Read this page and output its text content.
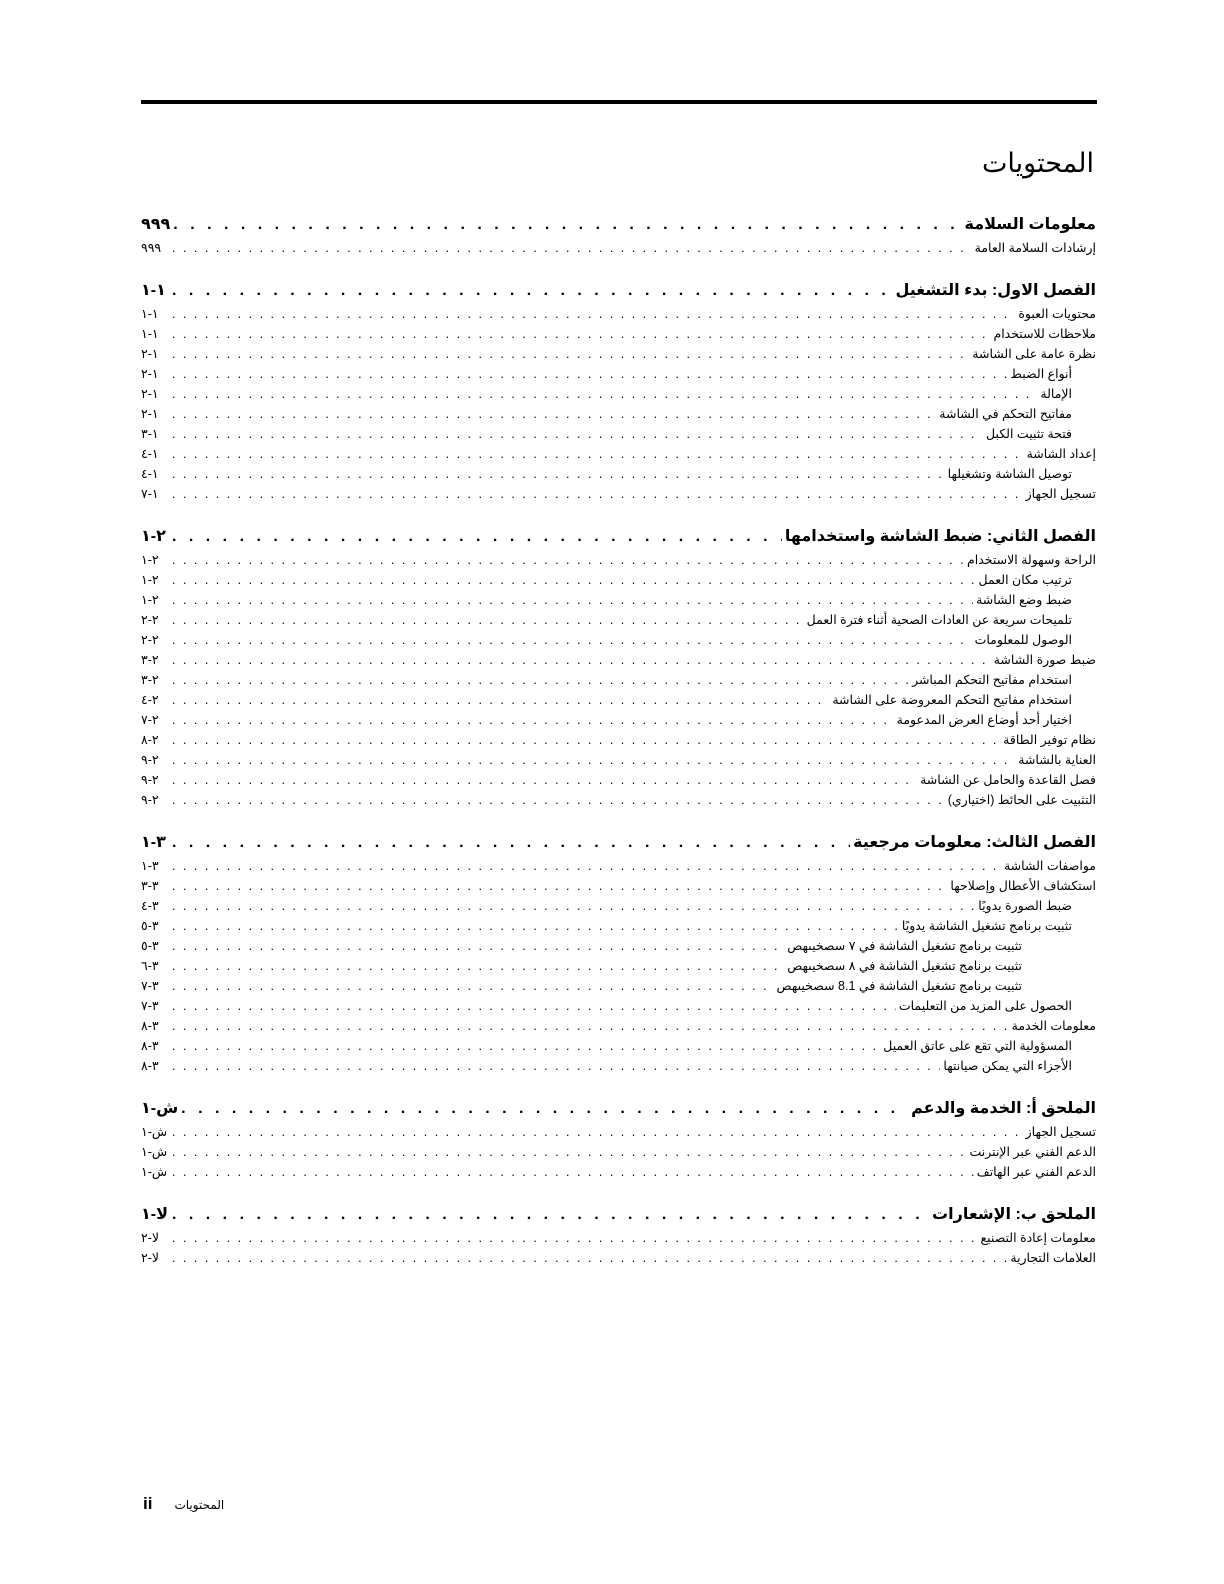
المحتويات
معلومات السلامة
. . .
٩٩٩
إرشادات السلامة العامة
. . .
٩٩٩
الفصل الاول: بدء التشغيل
. . .
١-١
محتويات العبوة
. . .
١-١
ملاحظات للاستخدام
. . .
١-١
نظرة عامة على الشاشة
. . .
١-٢
أنواع الضبط
. . .
١-٢
الإمالة
. . .
١-٢
مفاتيح التحكم في الشاشة
. . .
١-٢
فتحة تثبيت الكبل
. . .
١-٣
إعداد الشاشة
. . .
١-٤
توصيل الشاشة وتشغيلها
. . .
١-٤
تسجيل الجهاز
. . .
١-٧
الفصل الثاني: ضبط الشاشة واستخدامها
. . .
٢-١
الراحة وسهولة الاستخدام
. . .
٢-١
ترتيب مكان العمل
. . .
٢-١
ضبط وضع الشاشة
. . .
٢-١
تلميحات سريعة عن العادات الصحية أثناء فترة العمل
. . .
٢-٢
الوصول للمعلومات
. . .
٢-٢
ضبط صورة الشاشة
. . .
٢-٣
استخدام مفاتيح التحكم المباشر
. . .
٢-٣
استخدام مفاتيح التحكم المعروضة على الشاشة
. . .
٢-٤
اختيار أحد أوضاع العرض المدعومة
. . .
٢-٧
نظام توفير الطاقة
. . .
٢-٨
العناية بالشاشة
. . .
٢-٩
فصل القاعدة والحامل عن الشاشة
. . .
٢-٩
التثبيت على الحائط (اختياري)
. . .
٢-٩
الفصل الثالث: معلومات مرجعية
. . .
٣-١
مواصفات الشاشة
. . .
٣-١
استكشاف الأعطال وإصلاحها
. . .
٣-٣
ضبط الصورة يدويًا
. . .
٣-٤
تثبيت برنامج تشغيل الشاشة يدويًا
. . .
٣-٥
تثبيت برنامج تشغيل الشاشة في ٧ سصخيىهص
. . .
٣-٥
تثبيت برنامج تشغيل الشاشة في ٨ سصخيىهص
. . .
٣-٦
تثبيت برنامج تشغيل الشاشة في 8.1 سصخيىهص
. . .
٣-٧
الحصول على المزيد من التعليمات
. . .
٣-٧
معلومات الخدمة
. . .
٣-٨
المسؤولية التي تقع على عاتق العميل
. . .
٣-٨
الأجزاء التي يمكن صيانتها
. . .
٣-٨
الملحق أ: الخدمة والدعم
. . .
ش-١
تسجيل الجهاز
. . .
ش-١
الدعم الفني عبر الإنترنت
. . .
ش-١
الدعم الفني عبر الهاتف
. . .
ش-١
الملحق ب: الإشعارات
. . .
لا-١
معلومات إعادة التصنيع
. . .
لا-٢
العلامات التجارية
. . .
لا-٢
ii المحتويات
